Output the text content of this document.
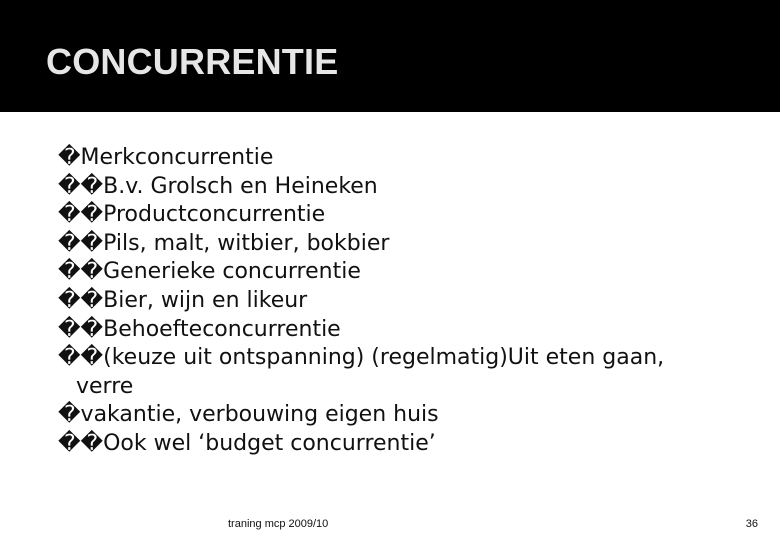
CONCURRENTIE
�Merkconcurrentie
��B.v. Grolsch en Heineken
��Productconcurrentie
��Pils, malt, witbier, bokbier
��Generieke concurrentie
��Bier, wijn en likeur
��Behoefteconcurrentie
��(keuze uit ontspanning) (regelmatig)Uit eten gaan,
verre
�vakantie, verbouwing eigen huis
��Ook wel ‘budget concurrentie’

traning mcp 2009/10	36
